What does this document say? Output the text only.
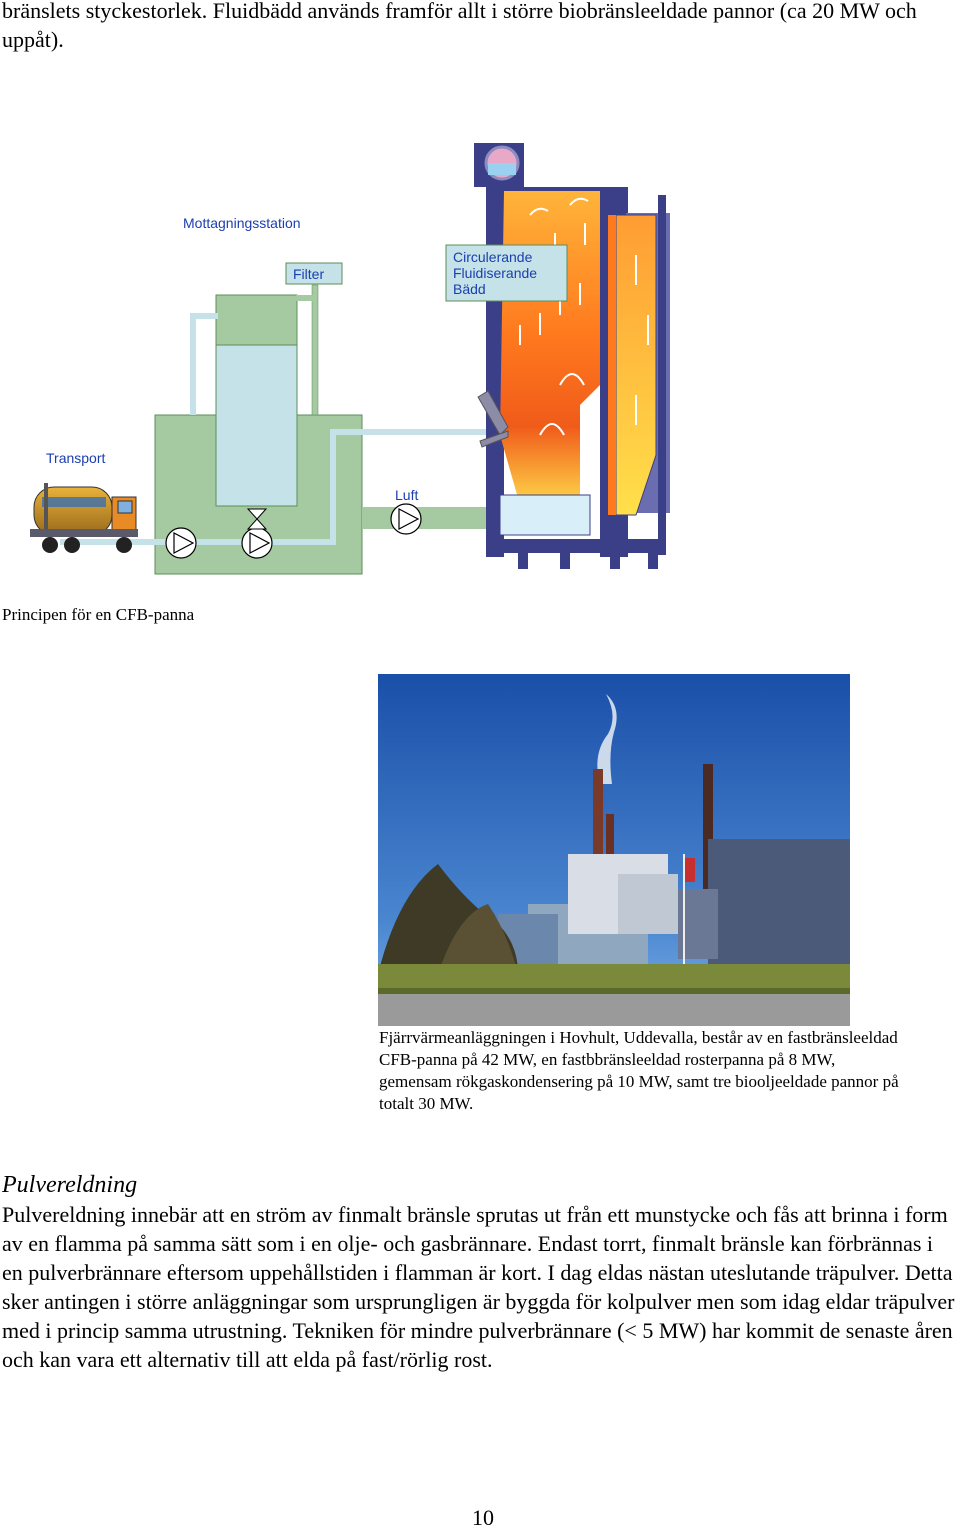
bränslets styckestorlek. Fluidbädd används framför allt i större biobränsleeldade pannor (ca 20 MW och uppåt).

Mottagningsstation
Filter
Circulerande
Fluidiserande
Bädd
Transport
Luft
Principen för en CFB-panna
Fjärrvärmeanläggningen i Hovhult, Uddevalla, består av en fastbränsleeldad CFB-panna på 42 MW, en fastbbränsleeldad rosterpanna på 8 MW, gemensam rökgaskondensering på 10 MW, samt tre biooljeeldade pannor på totalt 30 MW.
Pulvereldning

Pulvereldning innebär att en ström av finmalt bränsle sprutas ut från ett munstycke och fås att brinna i form av en flamma på samma sätt som i en olje- och gasbrännare. Endast torrt, finmalt bränsle kan förbrännas i en pulverbrännare eftersom uppehållstiden i flamman är kort. I dag eldas nästan uteslutande träpulver. Detta sker antingen i större anläggningar som ursprungligen är byggda för kolpulver men som idag eldar träpulver med i princip samma utrustning. Tekniken för mindre pulverbrännare (< 5 MW) har kommit de senaste åren och kan vara ett alternativ till att elda på fast/rörlig rost.

10
